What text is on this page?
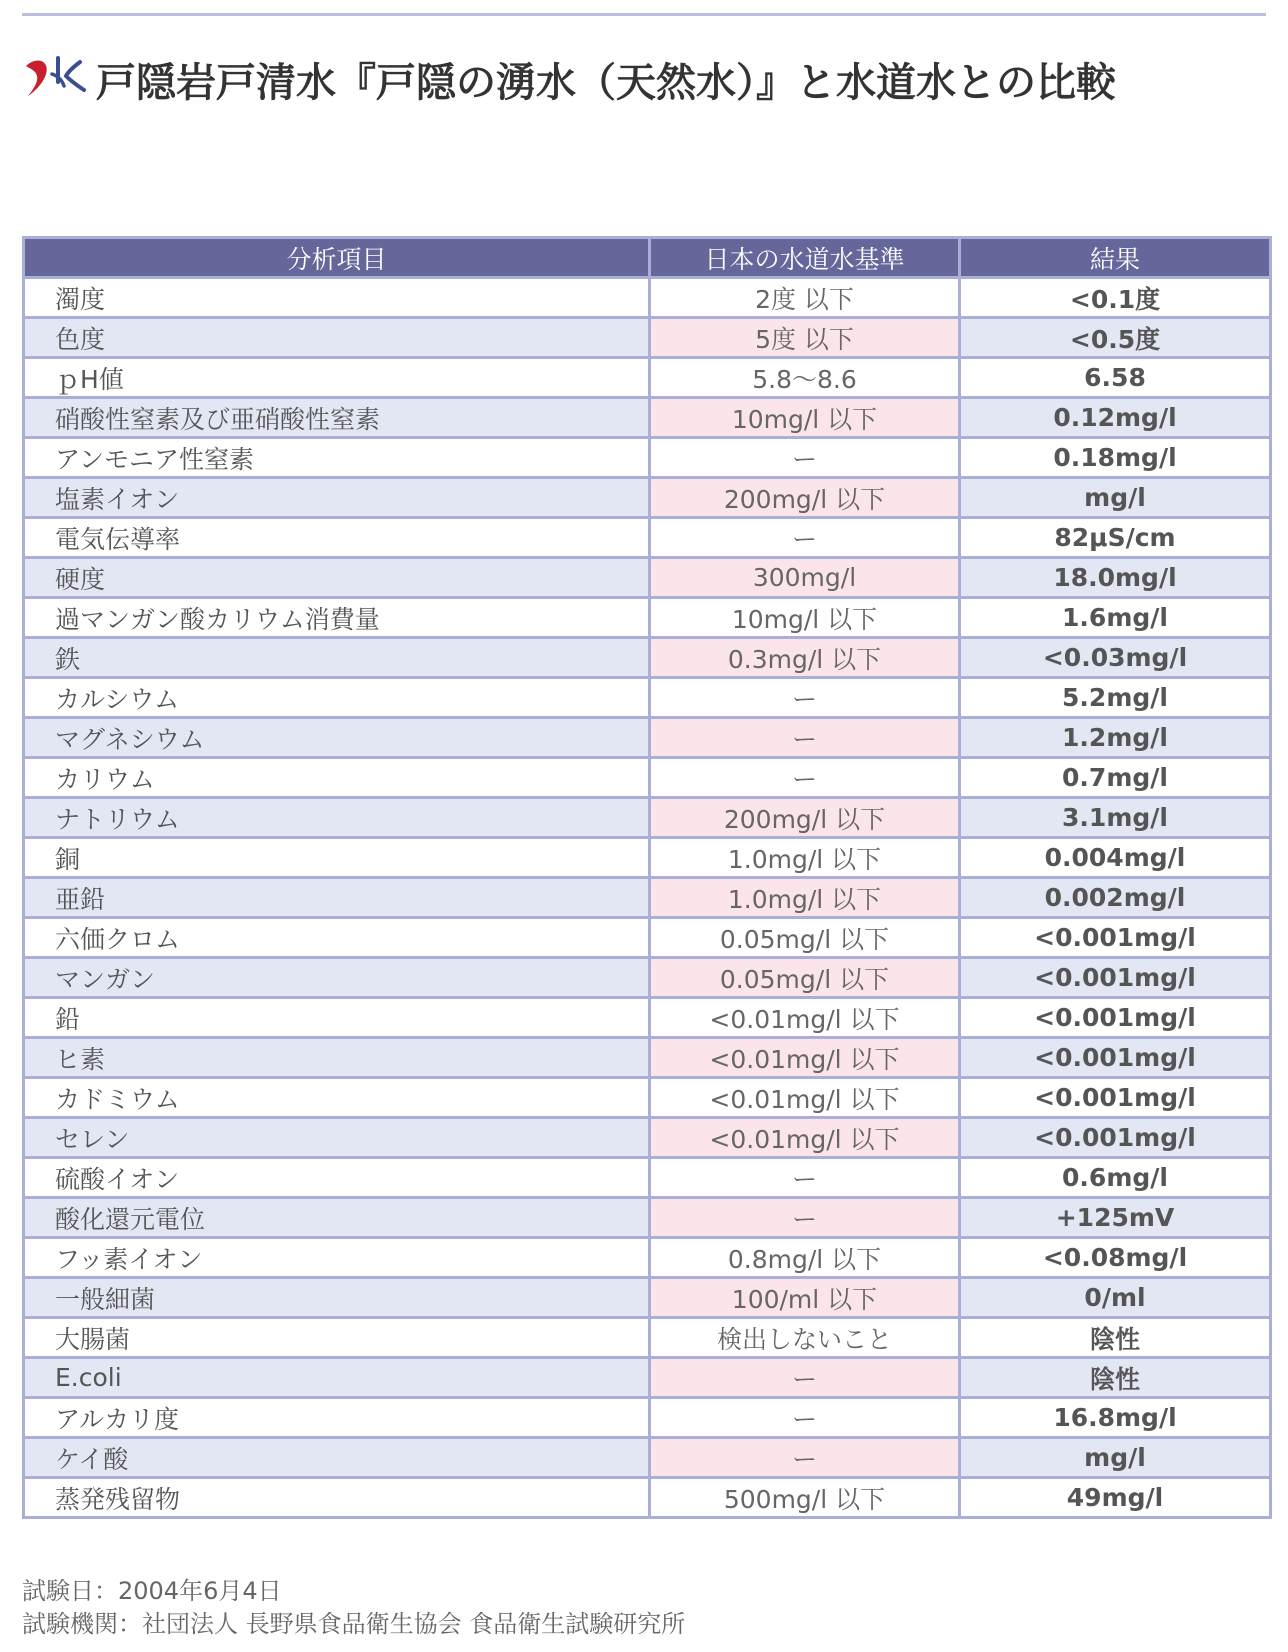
戸隠岩戸清水『戸隠の湧水（天然水）』と水道水との比較
分析項目	日本の水道水基準	結果
濁度	2度 以下	<0.1度
色度	5度 以下	<0.5度
ｐH値	5.8〜8.6	6.58
硝酸性窒素及び亜硝酸性窒素	10mg/l 以下	0.12mg/l
アンモニア性窒素	ー	0.18mg/l
塩素イオン	200mg/l 以下	mg/l
電気伝導率	ー	82μS/cm
硬度	300mg/l	18.0mg/l
過マンガン酸カリウム消費量	10mg/l 以下	1.6mg/l
鉄	0.3mg/l 以下	<0.03mg/l
カルシウム	ー	5.2mg/l
マグネシウム	ー	1.2mg/l
カリウム	ー	0.7mg/l
ナトリウム	200mg/l 以下	3.1mg/l
銅	1.0mg/l 以下	0.004mg/l
亜鉛	1.0mg/l 以下	0.002mg/l
六価クロム	0.05mg/l 以下	<0.001mg/l
マンガン	0.05mg/l 以下	<0.001mg/l
鉛	<0.01mg/l 以下	<0.001mg/l
ヒ素	<0.01mg/l 以下	<0.001mg/l
カドミウム	<0.01mg/l 以下	<0.001mg/l
セレン	<0.01mg/l 以下	<0.001mg/l
硫酸イオン	ー	0.6mg/l
酸化還元電位	ー	+125mV
フッ素イオン	0.8mg/l 以下	<0.08mg/l
一般細菌	100/ml 以下	0/ml
大腸菌	検出しないこと	陰性
E.coli	ー	陰性
アルカリ度	ー	16.8mg/l
ケイ酸	ー	mg/l
蒸発残留物	500mg/l 以下	49mg/l
試験日：2004年6月4日
試験機関：社団法人 長野県食品衛生協会 食品衛生試験研究所
